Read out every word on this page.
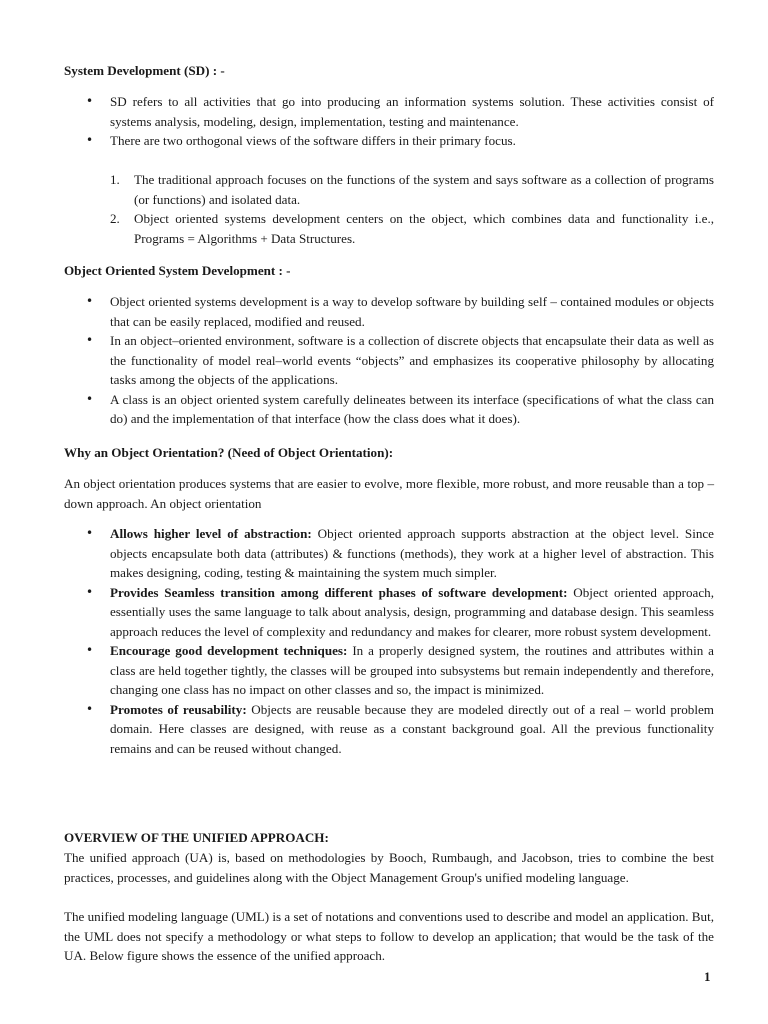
System Development (SD) : -

• SD refers to all activities that go into producing an information systems solution. These activities consist of systems analysis, modeling, design, implementation, testing and maintenance.
• There are two orthogonal views of the software differs in their primary focus.
1. The traditional approach focuses on the functions of the system and says software as a collection of programs (or functions) and isolated data.
2. Object oriented systems development centers on the object, which combines data and functionality i.e., Programs = Algorithms + Data Structures.

Object Oriented System Development : -

• Object oriented systems development is a way to develop software by building self – contained modules or objects that can be easily replaced, modified and reused.
• In an object–oriented environment, software is a collection of discrete objects that encapsulate their data as well as the functionality of model real–world events “objects” and emphasizes its cooperative philosophy by allocating tasks among the objects of the applications.
• A class is an object oriented system carefully delineates between its interface (specifications of what the class can do) and the implementation of that interface (how the class does what it does).

Why an Object Orientation? (Need of Object Orientation):

An object orientation produces systems that are easier to evolve, more flexible, more robust, and more reusable than a top – down approach. An object orientation

• Allows higher level of abstraction: Object oriented approach supports abstraction at the object level. Since objects encapsulate both data (attributes) & functions (methods), they work at a higher level of abstraction. This makes designing, coding, testing & maintaining the system much simpler.
• Provides Seamless transition among different phases of software development: Object oriented approach, essentially uses the same language to talk about analysis, design, programming and database design. This seamless approach reduces the level of complexity and redundancy and makes for clearer, more robust system development.
• Encourage good development techniques: In a properly designed system, the routines and attributes within a class are held together tightly, the classes will be grouped into subsystems but remain independently and therefore, changing one class has no impact on other classes and so, the impact is minimized.
• Promotes of reusability: Objects are reusable because they are modeled directly out of a real – world problem domain. Here classes are designed, with reuse as a constant background goal. All the previous functionality remains and can be reused without changed.

OVERVIEW OF THE UNIFIED APPROACH:

The unified approach (UA) is, based on methodologies by Booch, Rumbaugh, and Jacobson, tries to combine the best practices, processes, and guidelines along with the Object Management Group's unified modeling language.

The unified modeling language (UML) is a set of notations and conventions used to describe and model an application. But, the UML does not specify a methodology or what steps to follow to develop an application; that would be the task of the UA. Below figure shows the essence of the unified approach.

1
